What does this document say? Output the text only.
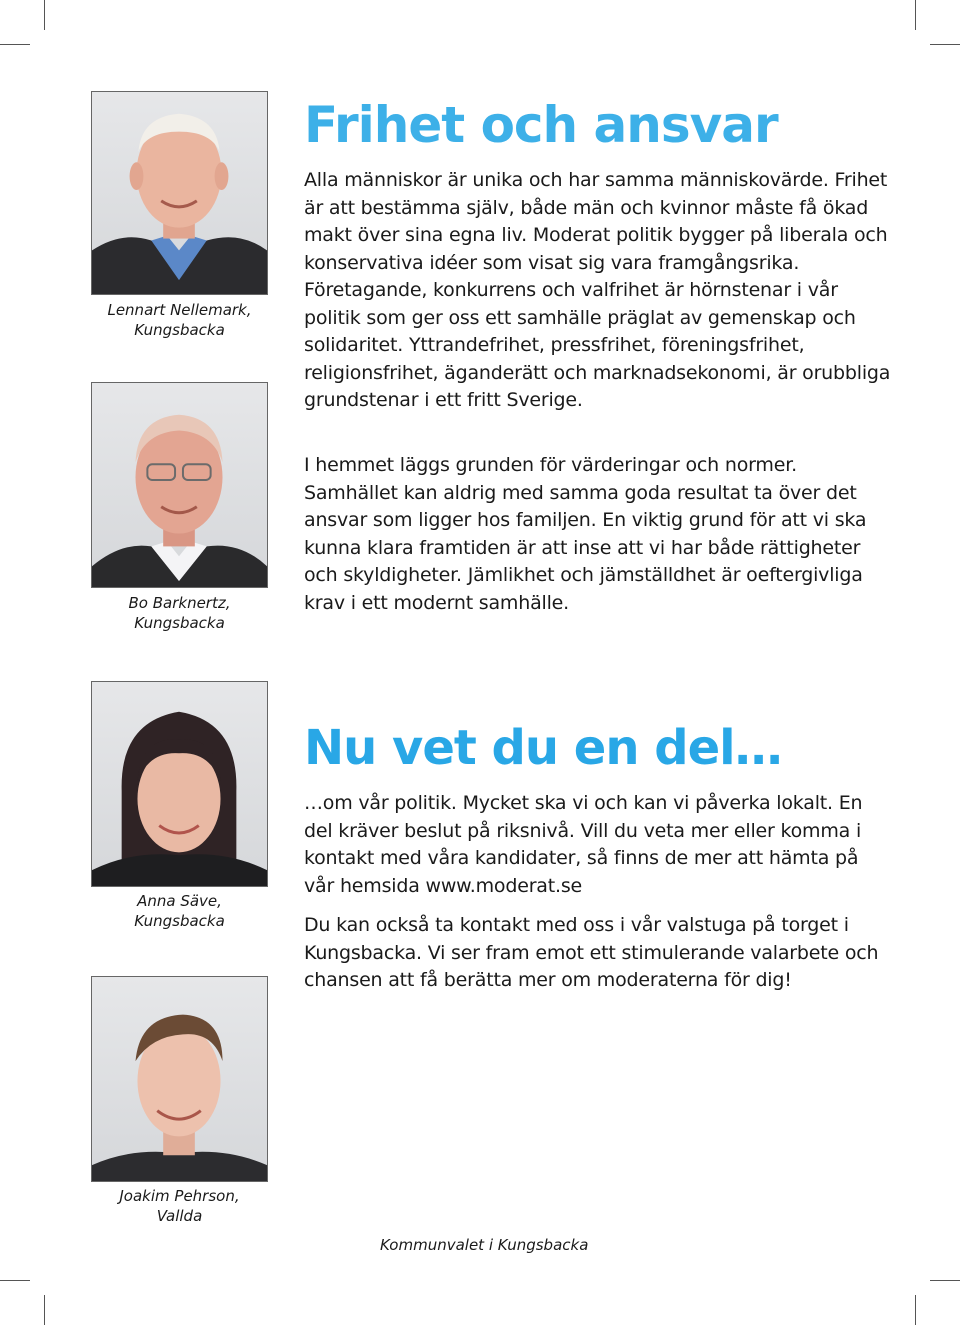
Lennart Nellemark,
Kungsbacka
Bo Barknertz,
Kungsbacka
Anna Säve,
Kungsbacka
Joakim Pehrson,
Vallda
Frihet och ansvar

Alla människor är unika och har samma människovärde. Frihet är att bestämma själv, både män och kvinnor måste få ökad makt över sina egna liv. Moderat politik bygger på liberala och konservativa idéer som visat sig vara framgångsrika. Företagande, konkurrens och valfrihet är hörnstenar i vår politik som ger oss ett samhälle präglat av gemenskap och solidaritet. Yttrandefrihet, pressfrihet, föreningsfrihet, religionsfrihet, äganderätt och marknadsekonomi, är orubbliga grundstenar i ett fritt Sverige.

I hemmet läggs grunden för värderingar och normer. Samhället kan aldrig med samma goda resultat ta över det ansvar som ligger hos familjen. En viktig grund för att vi ska kunna klara framtiden är att inse att vi har både rättigheter och skyldigheter. Jämlikhet och jämställdhet är oeftergivliga krav i ett modernt samhälle.

Nu vet du en del…

…om vår politik. Mycket ska vi och kan vi påverka lokalt. En del kräver beslut på riksnivå. Vill du veta mer eller komma i kontakt med våra kandidater, så finns de mer att hämta på vår hemsida www.moderat.se

Du kan också ta kontakt med oss i vår valstuga på torget i Kungsbacka. Vi ser fram emot ett stimulerande valarbete och chansen att få berätta mer om moderaterna för dig!

Kommunvalet i Kungsbacka
